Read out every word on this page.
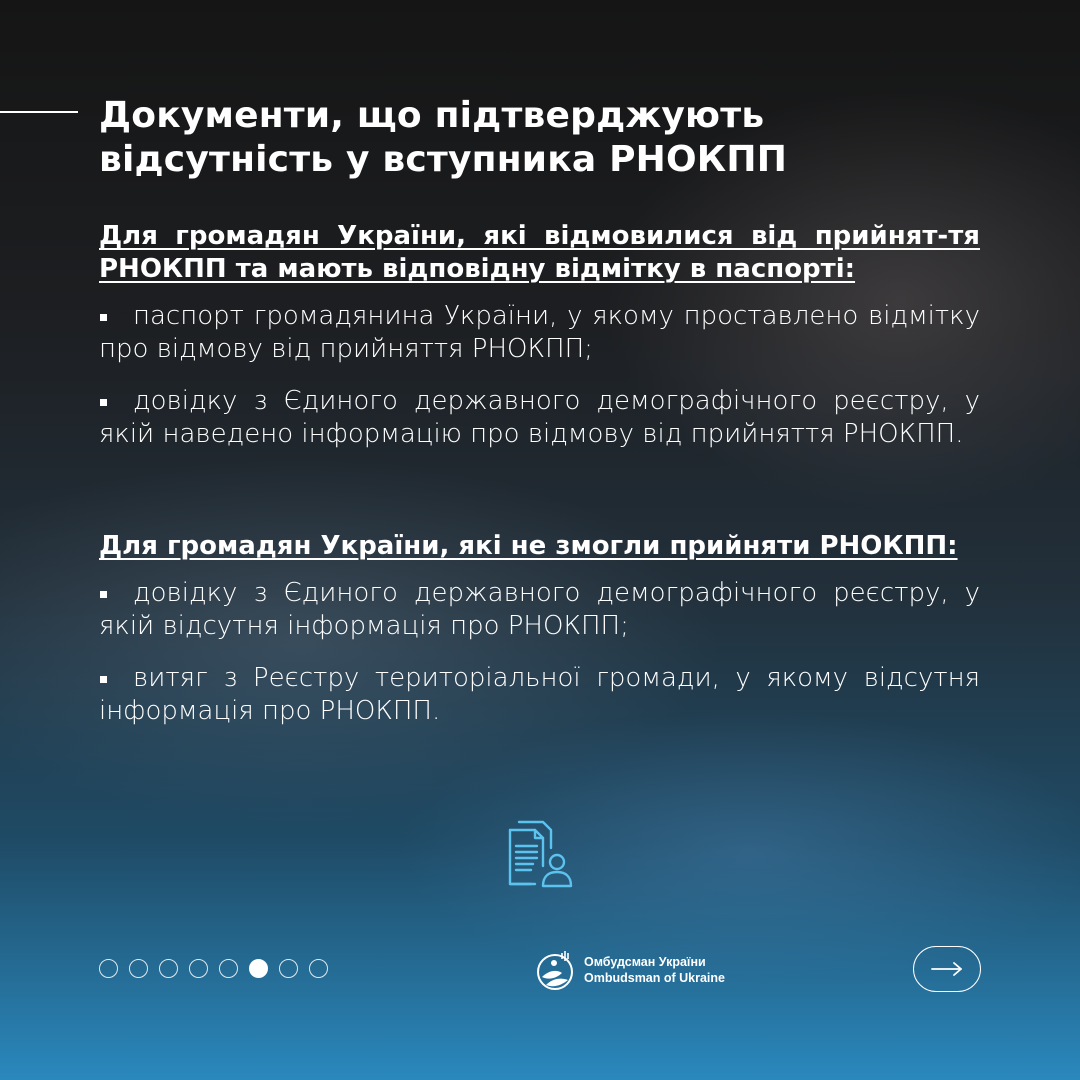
Документи, що підтверджують відсутність у вступника РНОКПП

Для громадян України, які відмовилися від прийнят-тя РНОКПП та мають відповідну відмітку в паспорті:

паспорт громадянина України, у якому проставлено відмітку про відмову від прийняття РНОКПП;
довідку з Єдиного державного демографічного реєстру, у якій наведено інформацію про відмову від прийняття РНОКПП.

Для громадян України, які не змогли прийняти РНОКПП:

довідку з Єдиного державного демографічного реєстру, у якій відсутня інформація про РНОКПП;
витяг з Реєстру територіальної громади, у якому відсутня інформація про РНОКПП.
Омбудсман України
Ombudsman of Ukraine
